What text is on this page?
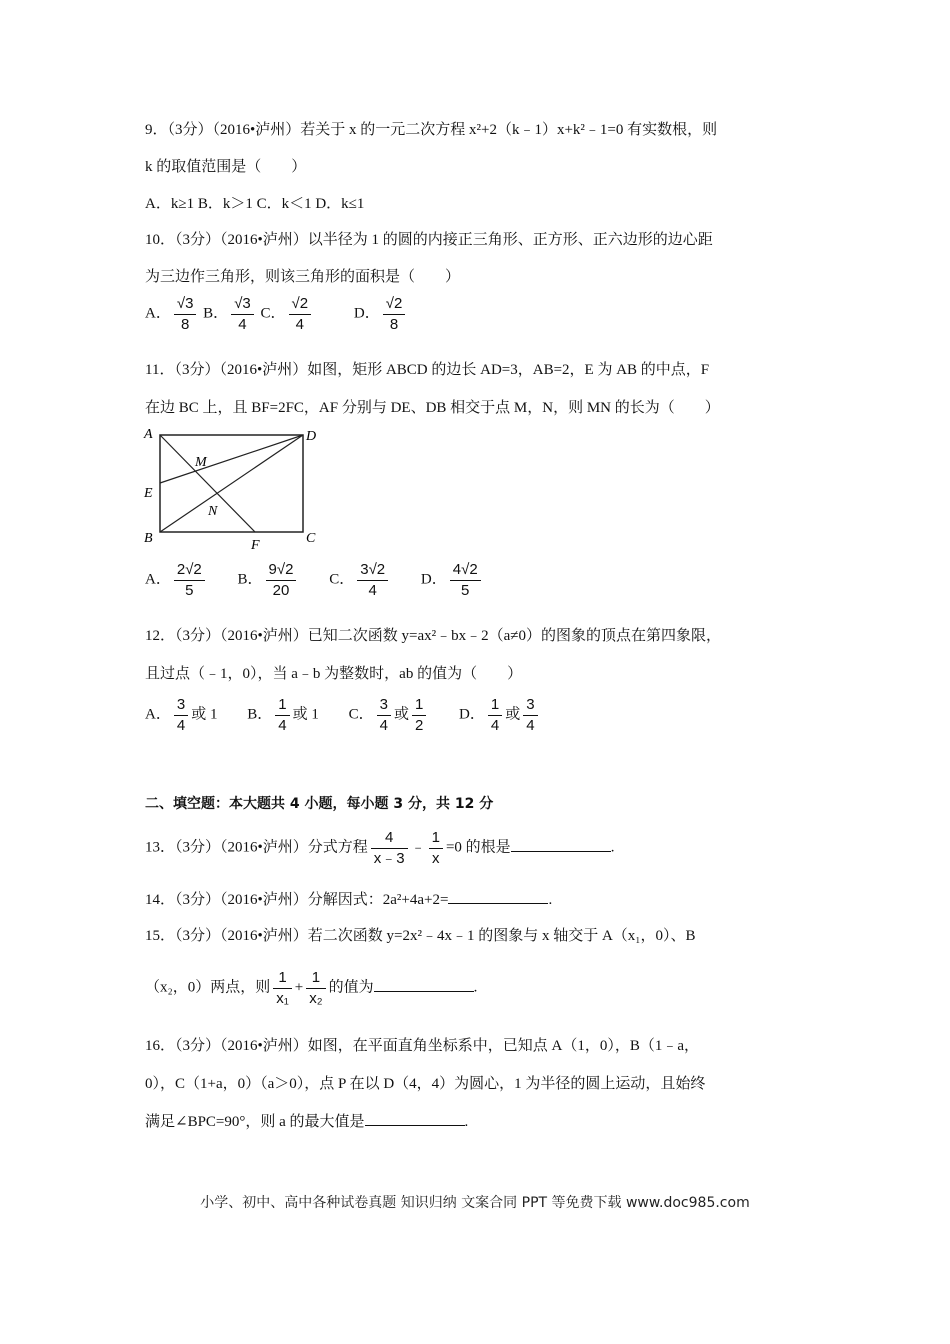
9．（3分）（2016•泸州）若关于 x 的一元二次方程 x²+2（k﹣1）x+k²﹣1=0 有实数根，则
k 的取值范围是（　　）
A．k≥1 B．k＞1 C．k＜1 D．k≤1
10．（3分）（2016•泸州）以半径为 1 的圆的内接正三角形、正方形、正六边形的边心距
为三边作三角形，则该三角形的面积是（　　）
A． $\frac{√3}{8}$ B． $\frac{√3}{4}$ C． $\frac{√2}{4}$	D． $\frac{√2}{8}$
11．（3分）（2016•泸州）如图，矩形 ABCD 的边长 AD=3，AB=2，E 为 AB 的中点，F
在边 BC 上，且 BF=2FC，AF 分别与 DE、DB 相交于点 M，N，则 MN 的长为（　　）
A	D
E
B	C
F
M
N
A． $\frac{2√2}{5}$ B． $\frac{9√2}{20}$ C． $\frac{3√2}{4}$ D． $\frac{4√2}{5}$
12．（3分）（2016•泸州）已知二次函数 y=ax²﹣bx﹣2（a≠0）的图象的顶点在第四象限，
且过点（﹣1，0），当 a﹣b 为整数时，ab 的值为（　　）
A． $\frac{3}{4}$ 或 1 B． $\frac{1}{4}$ 或 1 C． $\frac{3}{4}$ 或 $\frac{1}{2}$ D． $\frac{1}{4}$ 或 $\frac{3}{4}$
二、填空题：本大题共 4 小题，每小题 3 分，共 12 分
13．（3分）（2016•泸州）分式方程 $\frac{4}{x﹣3}$ ﹣ $\frac{1}{x} =0$ 的根是	.
14．（3分）（2016•泸州）分解因式：2a²+4a+2=	.
15．（3分）（2016•泸州）若二次函数 y=2x²﹣4x﹣1 的图象与 x 轴交于 A（x₁，0）、B
（x₂，0）两点，则 $\frac{1}{\text{x₁}} + \frac{1}{\text{x₂}}$ 的值为	.
16．（3分）（2016•泸州）如图，在平面直角坐标系中，已知点 A（1，0），B（1﹣a，
0），C（1+a，0）（a＞0），点 P 在以 D（4，4）为圆心，1 为半径的圆上运动，且始终
满足∠BPC=90°，则 a 的最大值是	.
小学、初中、高中各种试卷真题 知识归纳 文案合同 PPT 等免费下载 www.doc985.com
